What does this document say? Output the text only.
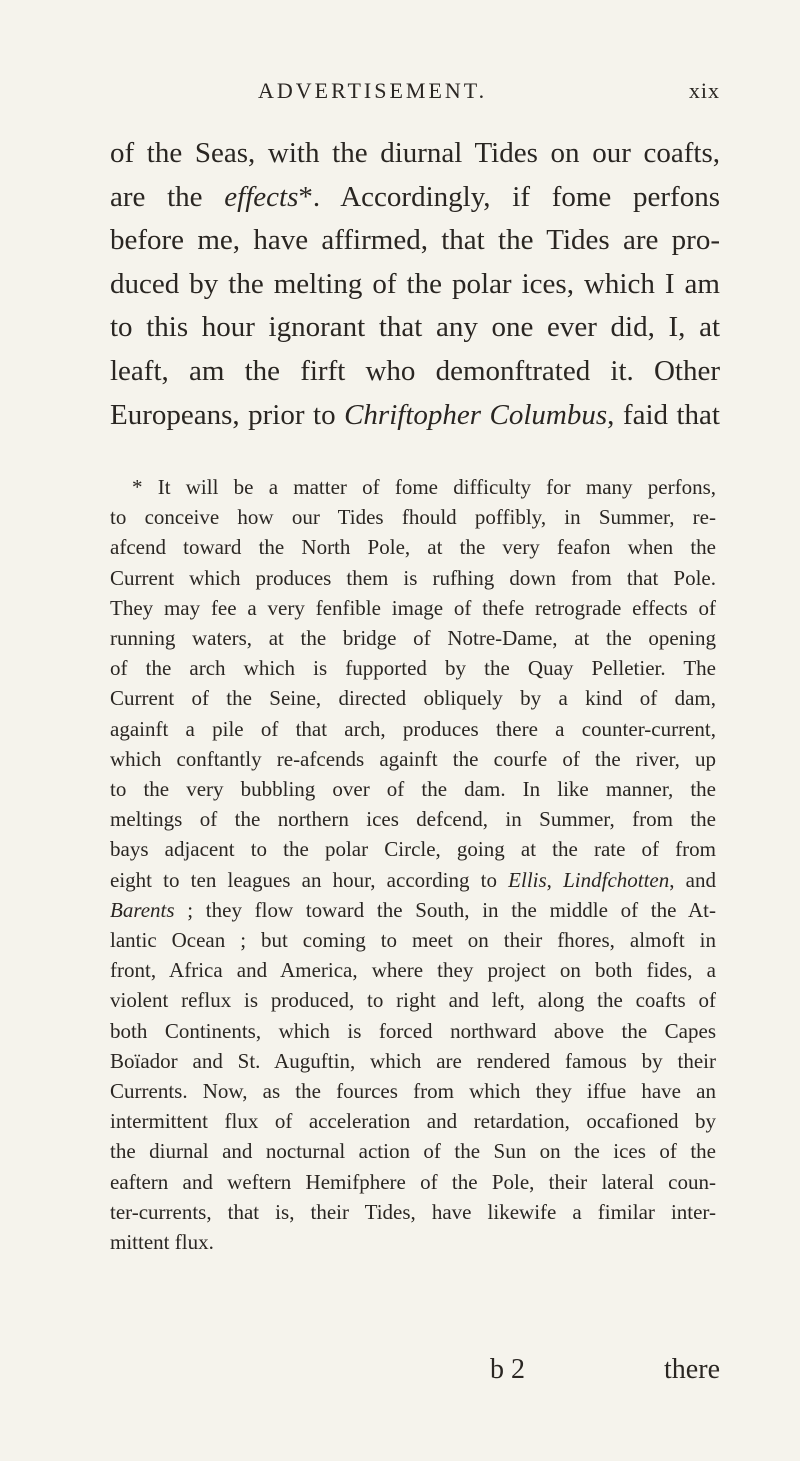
ADVERTISEMENT.	xix
of the Seas, with the diurnal Tides on our coafts,
are the effects*. Accordingly, if fome perfons
before me, have affirmed, that the Tides are pro-
duced by the melting of the polar ices, which I am
to this hour ignorant that any one ever did, I, at
leaft, am the firft who demonftrated it. Other
Europeans, prior to Chriftopher Columbus, faid that
* It will be a matter of fome difficulty for many perfons,
to conceive how our Tides fhould poffibly, in Summer, re-
afcend toward the North Pole, at the very feafon when the
Current which produces them is rufhing down from that Pole.
They may fee a very fenfible image of thefe retrograde effects of
running waters, at the bridge of Notre-Dame, at the opening
of the arch which is fupported by the Quay Pelletier. The
Current of the Seine, directed obliquely by a kind of dam,
againft a pile of that arch, produces there a counter-current,
which conftantly re-afcends againft the courfe of the river, up
to the very bubbling over of the dam. In like manner, the
meltings of the northern ices defcend, in Summer, from the
bays adjacent to the polar Circle, going at the rate of from
eight to ten leagues an hour, according to Ellis, Lindfchotten, and
Barents ; they flow toward the South, in the middle of the At-
lantic Ocean ; but coming to meet on their fhores, almoft in
front, Africa and America, where they project on both fides, a
violent reflux is produced, to right and left, along the coafts of
both Continents, which is forced northward above the Capes
Boïador and St. Auguftin, which are rendered famous by their
Currents. Now, as the fources from which they iffue have an
intermittent flux of acceleration and retardation, occafioned by
the diurnal and nocturnal action of the Sun on the ices of the
eaftern and weftern Hemifphere of the Pole, their lateral coun-
ter-currents, that is, their Tides, have likewife a fimilar inter-
mittent flux.
b 2	there
